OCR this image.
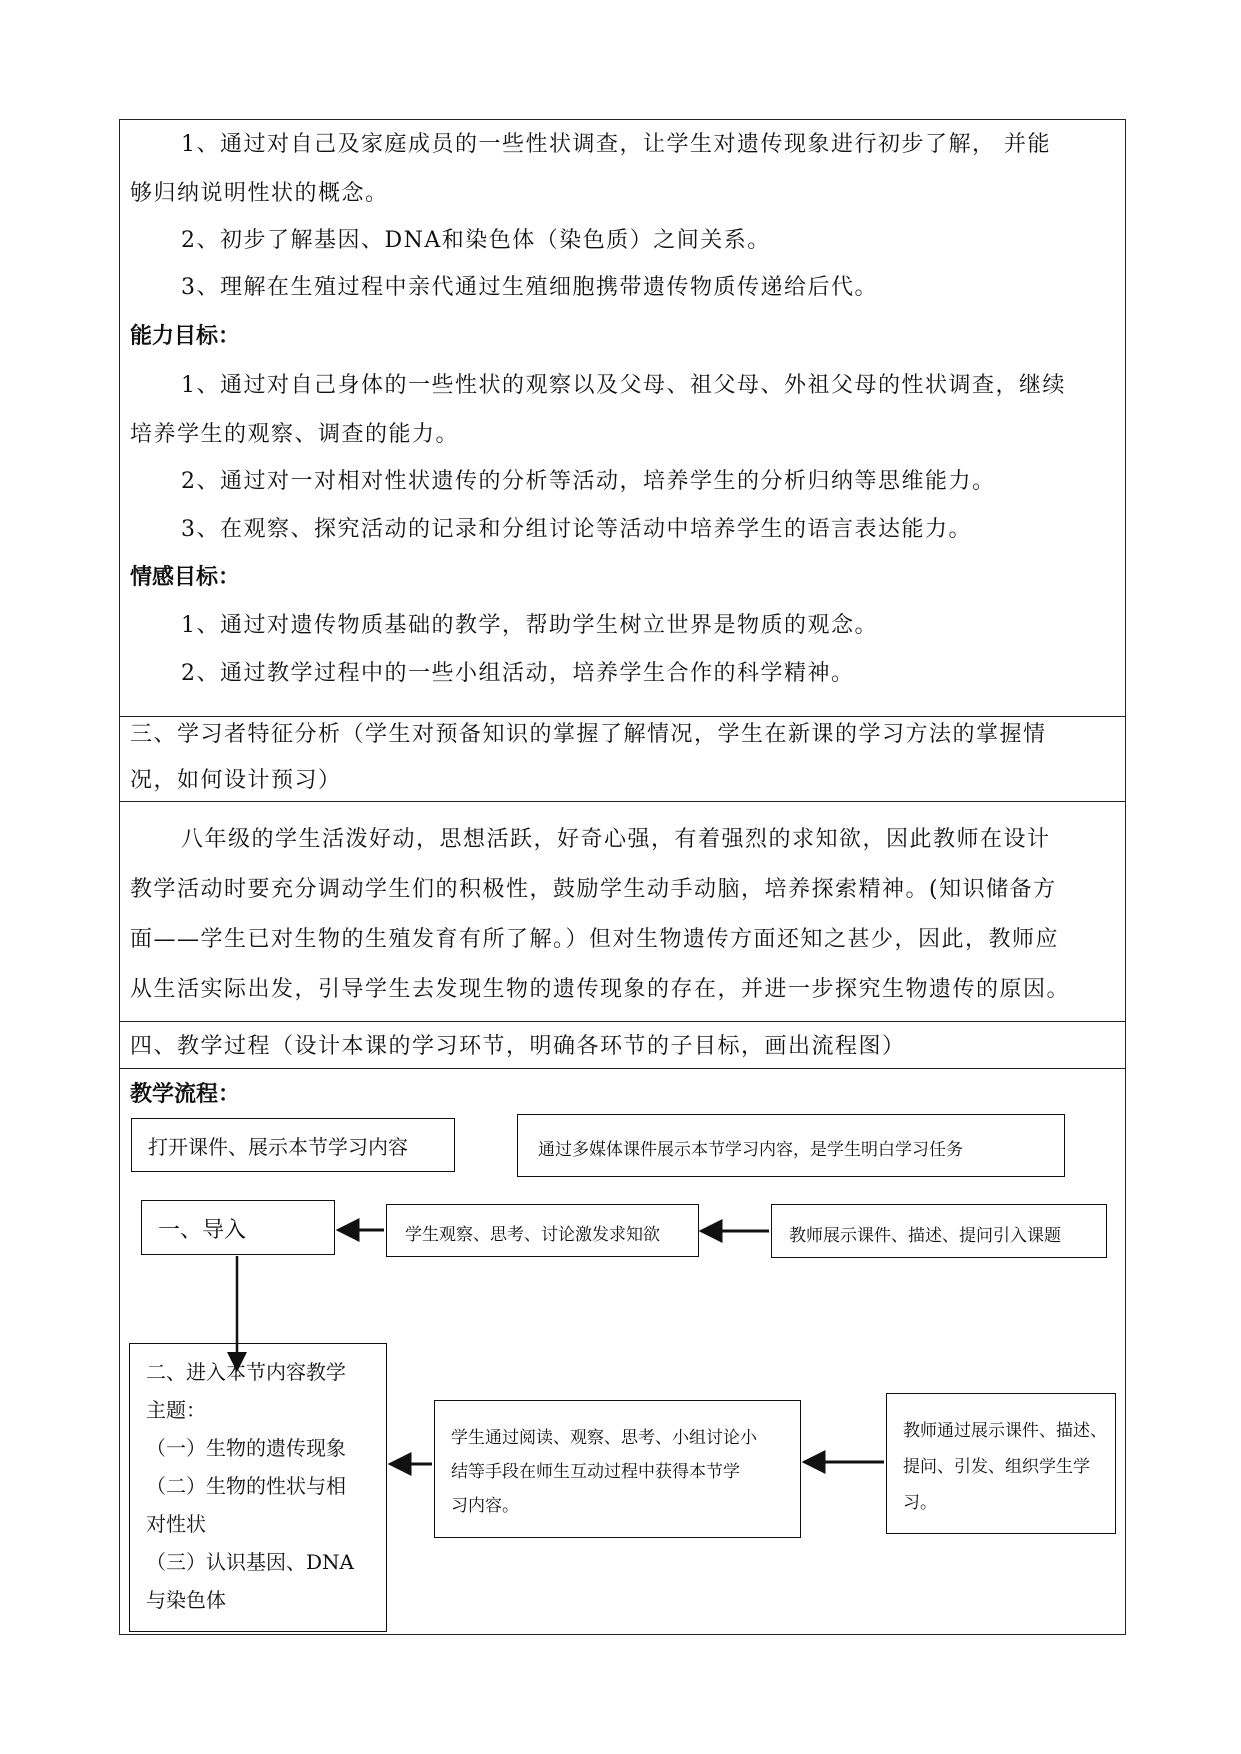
1、通过对自己及家庭成员的一些性状调查，让学生对遗传现象进行初步了解， 并能
够归纳说明性状的概念。
2、初步了解基因、DNA和染色体（染色质）之间关系。
3、理解在生殖过程中亲代通过生殖细胞携带遗传物质传递给后代。
能力目标：
1、通过对自己身体的一些性状的观察以及父母、祖父母、外祖父母的性状调查，继续
培养学生的观察、调查的能力。
2、通过对一对相对性状遗传的分析等活动，培养学生的分析归纳等思维能力。
3、在观察、探究活动的记录和分组讨论等活动中培养学生的语言表达能力。
情感目标：
1、通过对遗传物质基础的教学，帮助学生树立世界是物质的观念。
2、通过教学过程中的一些小组活动，培养学生合作的科学精神。
三、学习者特征分析（学生对预备知识的掌握了解情况，学生在新课的学习方法的掌握情
况，如何设计预习）
八年级的学生活泼好动，思想活跃，好奇心强，有着强烈的求知欲，因此教师在设计
教学活动时要充分调动学生们的积极性，鼓励学生动手动脑，培养探索精神。(知识储备方
面——学生已对生物的生殖发育有所了解。）但对生物遗传方面还知之甚少，因此，教师应
从生活实际出发，引导学生去发现生物的遗传现象的存在，并进一步探究生物遗传的原因。
四、教学过程（设计本课的学习环节，明确各环节的子目标，画出流程图）
教学流程：
打开课件、展示本节学习内容	通过多媒体课件展示本节学习内容，是学生明白学习任务
一、导入	学生观察、思考、讨论激发求知欲	教师展示课件、描述、提问引入课题
二、进入本节内容教学
主题：
（一）生物的遗传现象
（二）生物的性状与相
对性状
（三）认识基因、DNA
与染色体
学生通过阅读、观察、思考、小组讨论小
结等手段在师生互动过程中获得本节学
习内容。
教师通过展示课件、描述、
提问、引发、组织学生学
习。
